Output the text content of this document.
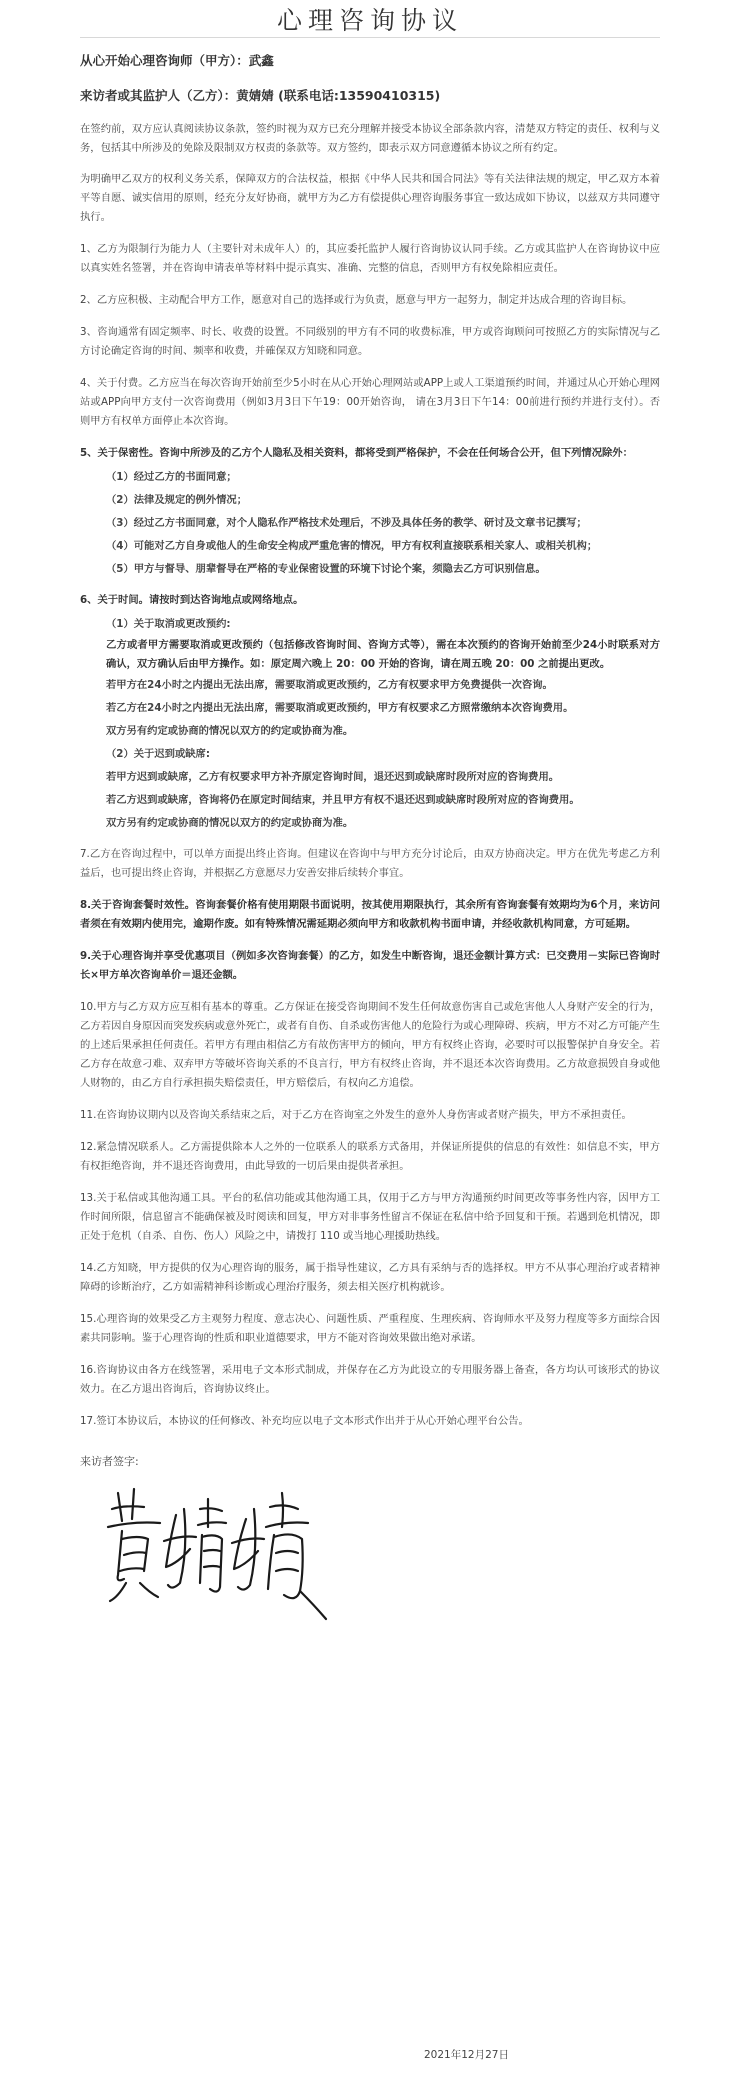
心理咨询协议

从心开始心理咨询师（甲方）：武鑫

来访者或其监护人（乙方）：黄婧婧 (联系电话:13590410315)

在签约前，双方应认真阅读协议条款，签约时视为双方已充分理解并接受本协议全部条款内容，清楚双方特定的责任、权利与义务，包括其中所涉及的免除及限制双方权责的条款等。双方签约，即表示双方同意遵循本协议之所有约定。

为明确甲乙双方的权利义务关系，保障双方的合法权益，根据《中华人民共和国合同法》等有关法律法规的规定，甲乙双方本着平等自愿、诚实信用的原则，经充分友好协商，就甲方为乙方有偿提供心理咨询服务事宜一致达成如下协议，以兹双方共同遵守执行。

1、乙方为限制行为能力人（主要针对未成年人）的，其应委托监护人履行咨询协议认同手续。乙方或其监护人在咨询协议中应以真实姓名签署，并在咨询申请表单等材料中提示真实、准确、完整的信息，否则甲方有权免除相应责任。

2、乙方应积极、主动配合甲方工作，愿意对自己的选择或行为负责，愿意与甲方一起努力，制定并达成合理的咨询目标。

3、咨询通常有固定频率、时长、收费的设置。不同级别的甲方有不同的收费标准，甲方或咨询顾问可按照乙方的实际情况与乙方讨论确定咨询的时间、频率和收费，并確保双方知晓和同意。

4、关于付费。乙方应当在每次咨询开始前至少5小时在从心开始心理网站或APP上或人工渠道预约时间，并通过从心开始心理网站或APP向甲方支付一次咨询费用（例如3月3日下午19：00开始咨询， 请在3月3日下午14：00前进行预约并进行支付）。否则甲方有权单方面停止本次咨询。

5、关于保密性。咨询中所涉及的乙方个人隐私及相关资料，都将受到严格保护，不会在任何场合公开，但下列情况除外：

（1）经过乙方的书面同意；

（2）法律及规定的例外情况；

（3）经过乙方书面同意，对个人隐私作严格技术处理后，不涉及具体任务的教学、研讨及文章书记撰写；

（4）可能对乙方自身或他人的生命安全构成严重危害的情况，甲方有权利直接联系相关家人、或相关机构；

（5）甲方与督导、朋辈督导在严格的专业保密设置的环境下讨论个案，须隐去乙方可识别信息。

6、关于时间。请按时到达咨询地点或网络地点。

（1）关于取消或更改预约:

乙方或者甲方需要取消或更改预约（包括修改咨询时间、咨询方式等），需在本次预约的咨询开始前至少24小时联系对方确认，双方确认后由甲方操作。如：原定周六晚上 20：00 开始的咨询，请在周五晚 20：00 之前提出更改。

若甲方在24小时之内提出无法出席，需要取消或更改预约，乙方有权要求甲方免费提供一次咨询。

若乙方在24小时之内提出无法出席，需要取消或更改预约，甲方有权要求乙方照常缴纳本次咨询费用。

双方另有约定或协商的情况以双方的约定或协商为准。

（2）关于迟到或缺席:

若甲方迟到或缺席，乙方有权要求甲方补齐原定咨询时间，退还迟到或缺席时段所对应的咨询费用。

若乙方迟到或缺席，咨询将仍在原定时间结束，并且甲方有权不退还迟到或缺席时段所对应的咨询费用。

双方另有约定或协商的情况以双方的约定或协商为准。

7.乙方在咨询过程中，可以单方面提出终止咨询。但建议在咨询中与甲方充分讨论后，由双方协商决定。甲方在优先考虑乙方利益后，也可提出终止咨询，并根据乙方意愿尽力安善安排后续转介事宜。

8.关于咨询套餐时效性。咨询套餐价格有使用期限书面说明，按其使用期限执行，其余所有咨询套餐有效期均为6个月，来访问者须在有效期内使用完，逾期作废。如有特殊情况需延期必须向甲方和收款机构书面申请，并经收款机构同意，方可延期。

9.关于心理咨询并享受优惠项目（例如多次咨询套餐）的乙方，如发生中断咨询，退还金额计算方式：已交费用－实际已咨询时长×甲方单次咨询单价＝退还金额。

10.甲方与乙方双方应互相有基本的尊重。乙方保证在接受咨询期间不发生任何故意伤害自己或危害他人人身财产安全的行为，乙方若因自身原因而突发疾病或意外死亡，或者有自伤、自杀或伤害他人的危险行为或心理障碍、疾病，甲方不对乙方可能产生的上述后果承担任何责任。若甲方有理由相信乙方有故伤害甲方的倾向，甲方有权终止咨询，必要时可以报警保护自身安全。若乙方存在故意刁难、双弃甲方等破坏咨询关系的不良言行，甲方有权终止咨询，并不退还本次咨询费用。乙方故意损毁自身或他人财物的，由乙方自行承担损失赔偿责任，甲方赔偿后，有权向乙方追偿。

11.在咨询协议期内以及咨询关系结束之后，对于乙方在咨询室之外发生的意外人身伤害或者财产损失，甲方不承担责任。

12.紧急情况联系人。乙方需提供除本人之外的一位联系人的联系方式备用，并保证所提供的信息的有效性：如信息不实，甲方有权拒绝咨询，并不退还咨询费用，由此导致的一切后果由提供者承担。

13.关于私信或其他沟通工具。平台的私信功能或其他沟通工具，仅用于乙方与甲方沟通预约时间更改等事务性内容，因甲方工作时间所限，信息留言不能确保被及时阅读和回复，甲方对非事务性留言不保证在私信中给予回复和干预。若遇到危机情况，即正处于危机（自杀、自伤、伤人）风险之中，请拨打 110 或当地心理援助热线。

14.乙方知晓，甲方提供的仅为心理咨询的服务，属于指导性建议，乙方具有采纳与否的选择权。甲方不从事心理治疗或者精神障碍的诊断治疗，乙方如需精神科诊断或心理治疗服务，须去相关医疗机构就诊。

15.心理咨询的效果受乙方主观努力程度、意志决心、问题性质、严重程度、生理疾病、咨询师水平及努力程度等多方面综合因素共同影响。鉴于心理咨询的性质和职业道德要求，甲方不能对咨询效果做出绝对承诺。

16.咨询协议由各方在线签署，采用电子文本形式制成，并保存在乙方为此设立的专用服务器上备查，各方均认可该形式的协议效力。在乙方退出咨询后，咨询协议终止。

17.签订本协议后，本协议的任何修改、补充均应以电子文本形式作出并于从心开始心理平台公告。

来访者签字:
2021年12月27日
